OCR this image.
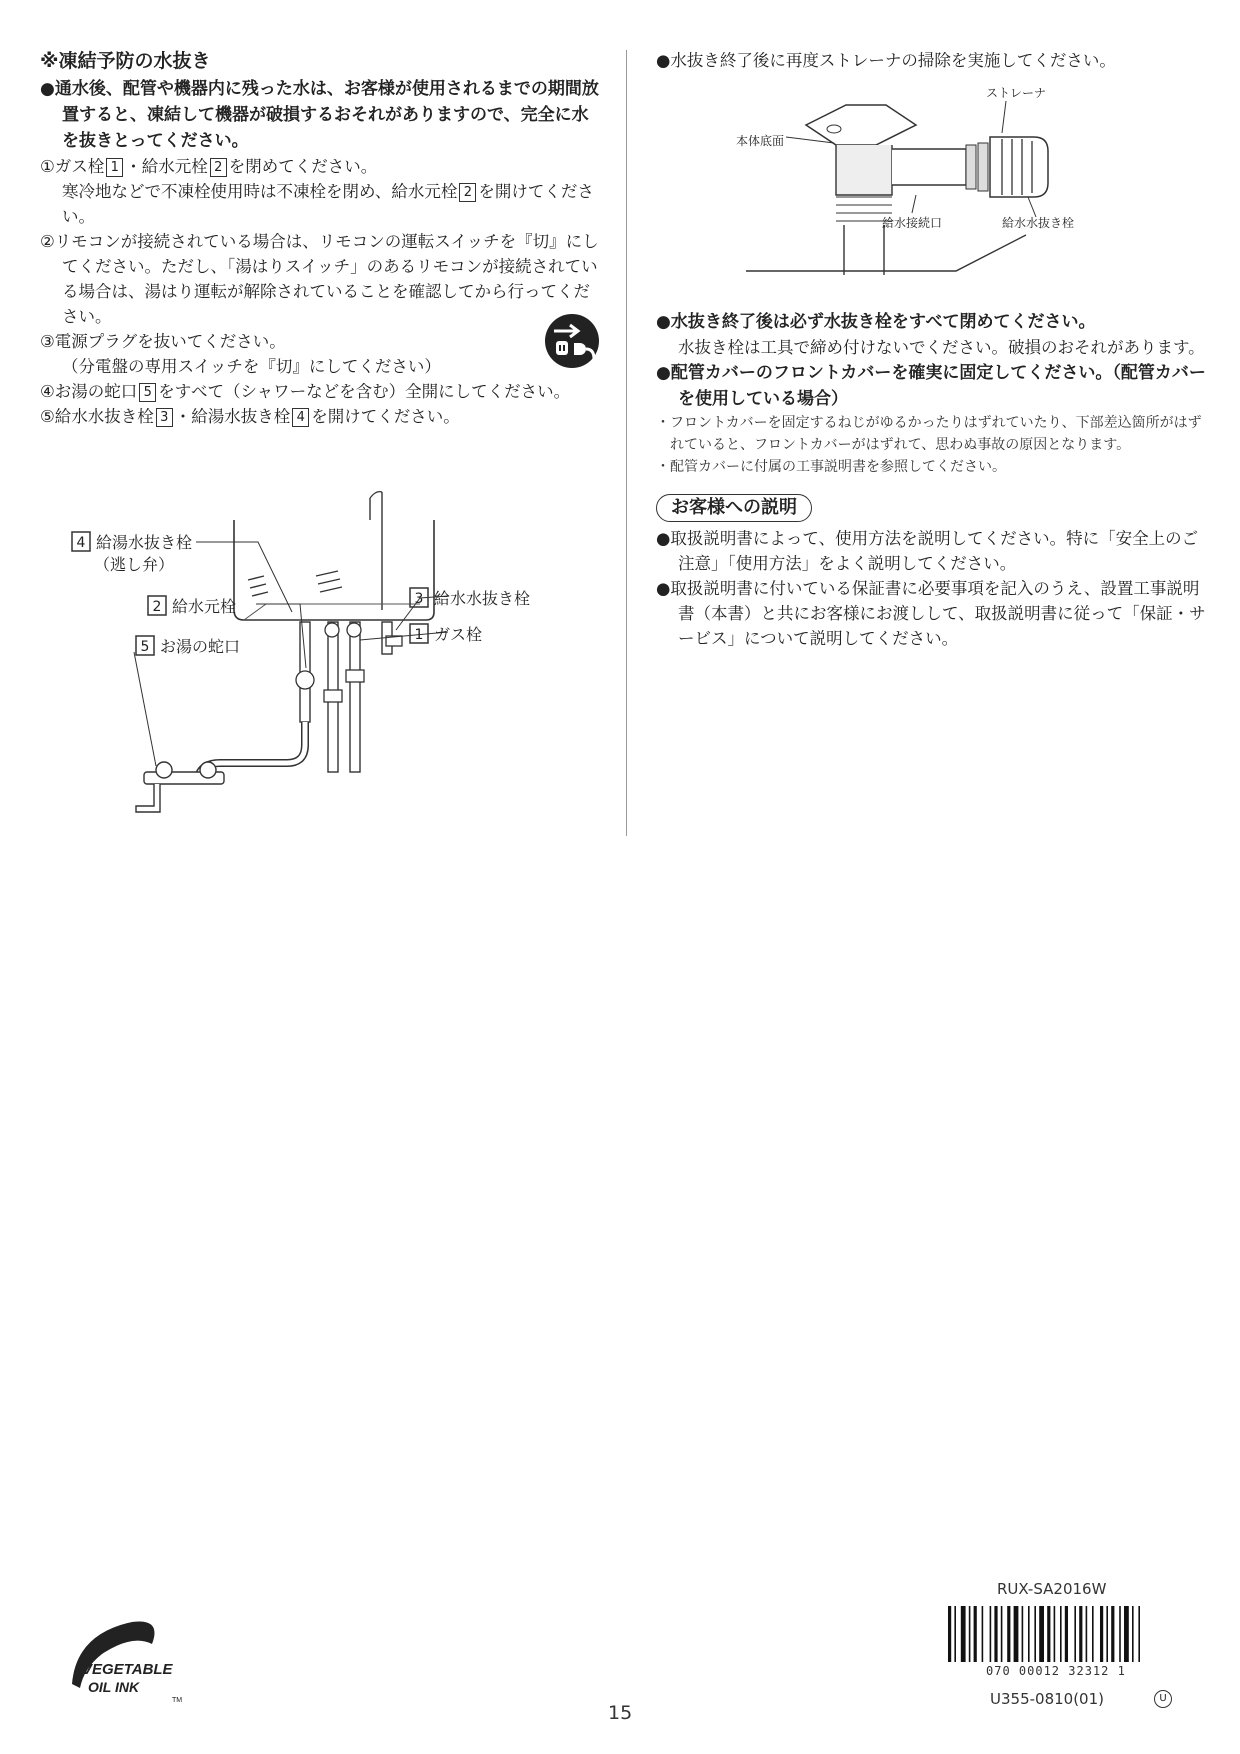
※凍結予防の水抜き
●通水後、配管や機器内に残った水は、お客様が使用されるまでの期間放置すると、凍結して機器が破損するおそれがありますので、完全に水を抜きとってください。
①ガス栓 1 ・給水元栓 2 を閉めてください。
寒冷地などで不凍栓使用時は不凍栓を閉め、給水元栓 2 を開けてください。
②リモコンが接続されている場合は、リモコンの運転スイッチを『切』にしてください。ただし、「湯はりスイッチ」のあるリモコンが接続されている場合は、湯はり運転が解除されていることを確認してから行ってください。
③電源プラグを抜いてください。
（分電盤の専用スイッチを『切』にしてください）
④お湯の蛇口 5 をすべて（シャワーなどを含む）全開にしてください。
⑤給水水抜き栓 3 ・給湯水抜き栓 4 を開けてください。
4 給湯水抜き栓
（逃し弁）
2 給水元栓
5 お湯の蛇口
3 給水水抜き栓
1 ガス栓
●水抜き終了後に再度ストレーナの掃除を実施してください。
ストレーナ
本体底面
給水接続口	給水水抜き栓
●水抜き終了後は必ず水抜き栓をすべて閉めてください。
水抜き栓は工具で締め付けないでください。破損のおそれがあります。
●配管カバーのフロントカバーを確実に固定してください。（配管カバーを使用している場合）
・フロントカバーを固定するねじがゆるかったりはずれていたり、下部差込箇所がはずれていると、フロントカバーがはずれて、思わぬ事故の原因となります。
・配管カバーに付属の工事説明書を参照してください。
お客様への説明
●取扱説明書によって、使用方法を説明してください。特に「安全上のご注意」「使用方法」をよく説明してください。
●取扱説明書に付いている保証書に必要事項を記入のうえ、設置工事説明書（本書）と共にお客様にお渡しして、取扱説明書に従って「保証・サービス」について説明してください。
VEGETABLE
OIL INK
TM
RUX-SA2016W
070 00012 32312 1
U355-0810(01)	U
15
